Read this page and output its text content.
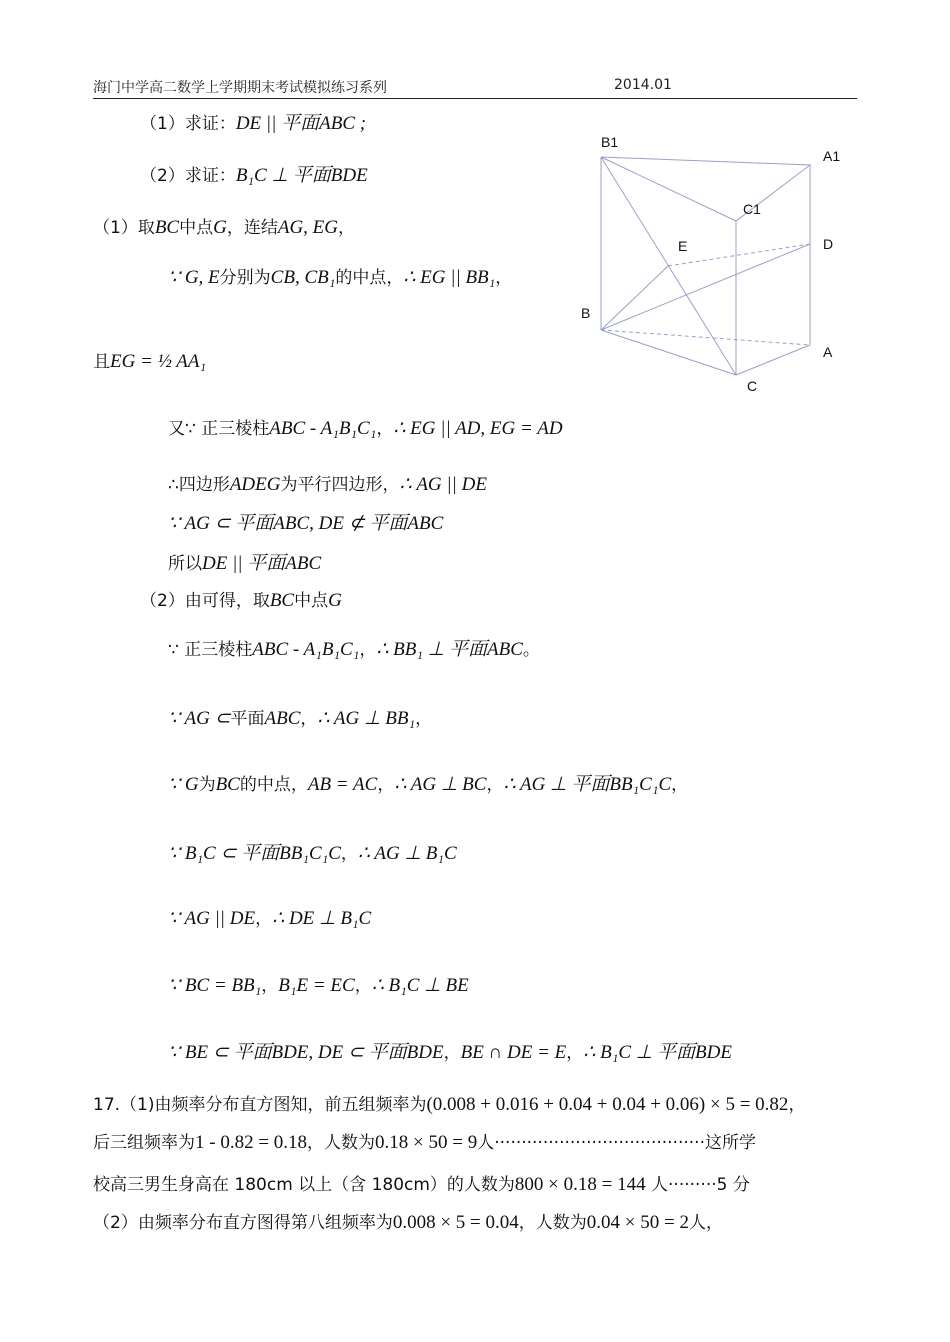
海门中学高二数学上学期期末考试模拟练习系列	2014.01
B1
A1
C1
E	D
B
A
C
（1）求证：DE || 平面ABC ;
（2）求证：B₁C ⊥ 平面BDE
（1）取BC中点G，连结AG, EG，
∵ G, E分别为CB, CB₁的中点，∴ EG || BB₁，
且EG = ½ AA₁
又∵ 正三棱柱ABC - A₁B₁C₁，∴ EG || AD, EG = AD
∴四边形ADEG为平行四边形，∴ AG || DE
∵ AG ⊂ 平面ABC, DE ⊄ 平面ABC
所以DE || 平面ABC
（2）由可得，取BC中点G
∵ 正三棱柱ABC - A₁B₁C₁，∴ BB₁ ⊥ 平面ABC。
∵ AG ⊂平面ABC，∴ AG ⊥ BB₁，
∵ G为BC的中点，AB = AC，∴ AG ⊥ BC，∴ AG ⊥ 平面BB₁C₁C，
∵ B₁C ⊂ 平面BB₁C₁C，∴ AG ⊥ B₁C
∵ AG || DE，∴ DE ⊥ B₁C
∵ BC = BB₁，B₁E = EC，∴ B₁C ⊥ BE
∵ BE ⊂ 平面BDE, DE ⊂ 平面BDE，BE ∩ DE = E，∴ B₁C ⊥ 平面BDE
17.（1)由频率分布直方图知，前五组频率为(0.008 + 0.016 + 0.04 + 0.04 + 0.06) × 5 = 0.82，
后三组频率为1 - 0.82 = 0.18，人数为0.18 × 50 = 9人·······································这所学
校高三男生身高在 180cm 以上（含 180cm）的人数为800 × 0.18 = 144 人·········5 分
（2）由频率分布直方图得第八组频率为0.008 × 5 = 0.04，人数为0.04 × 50 = 2人，
